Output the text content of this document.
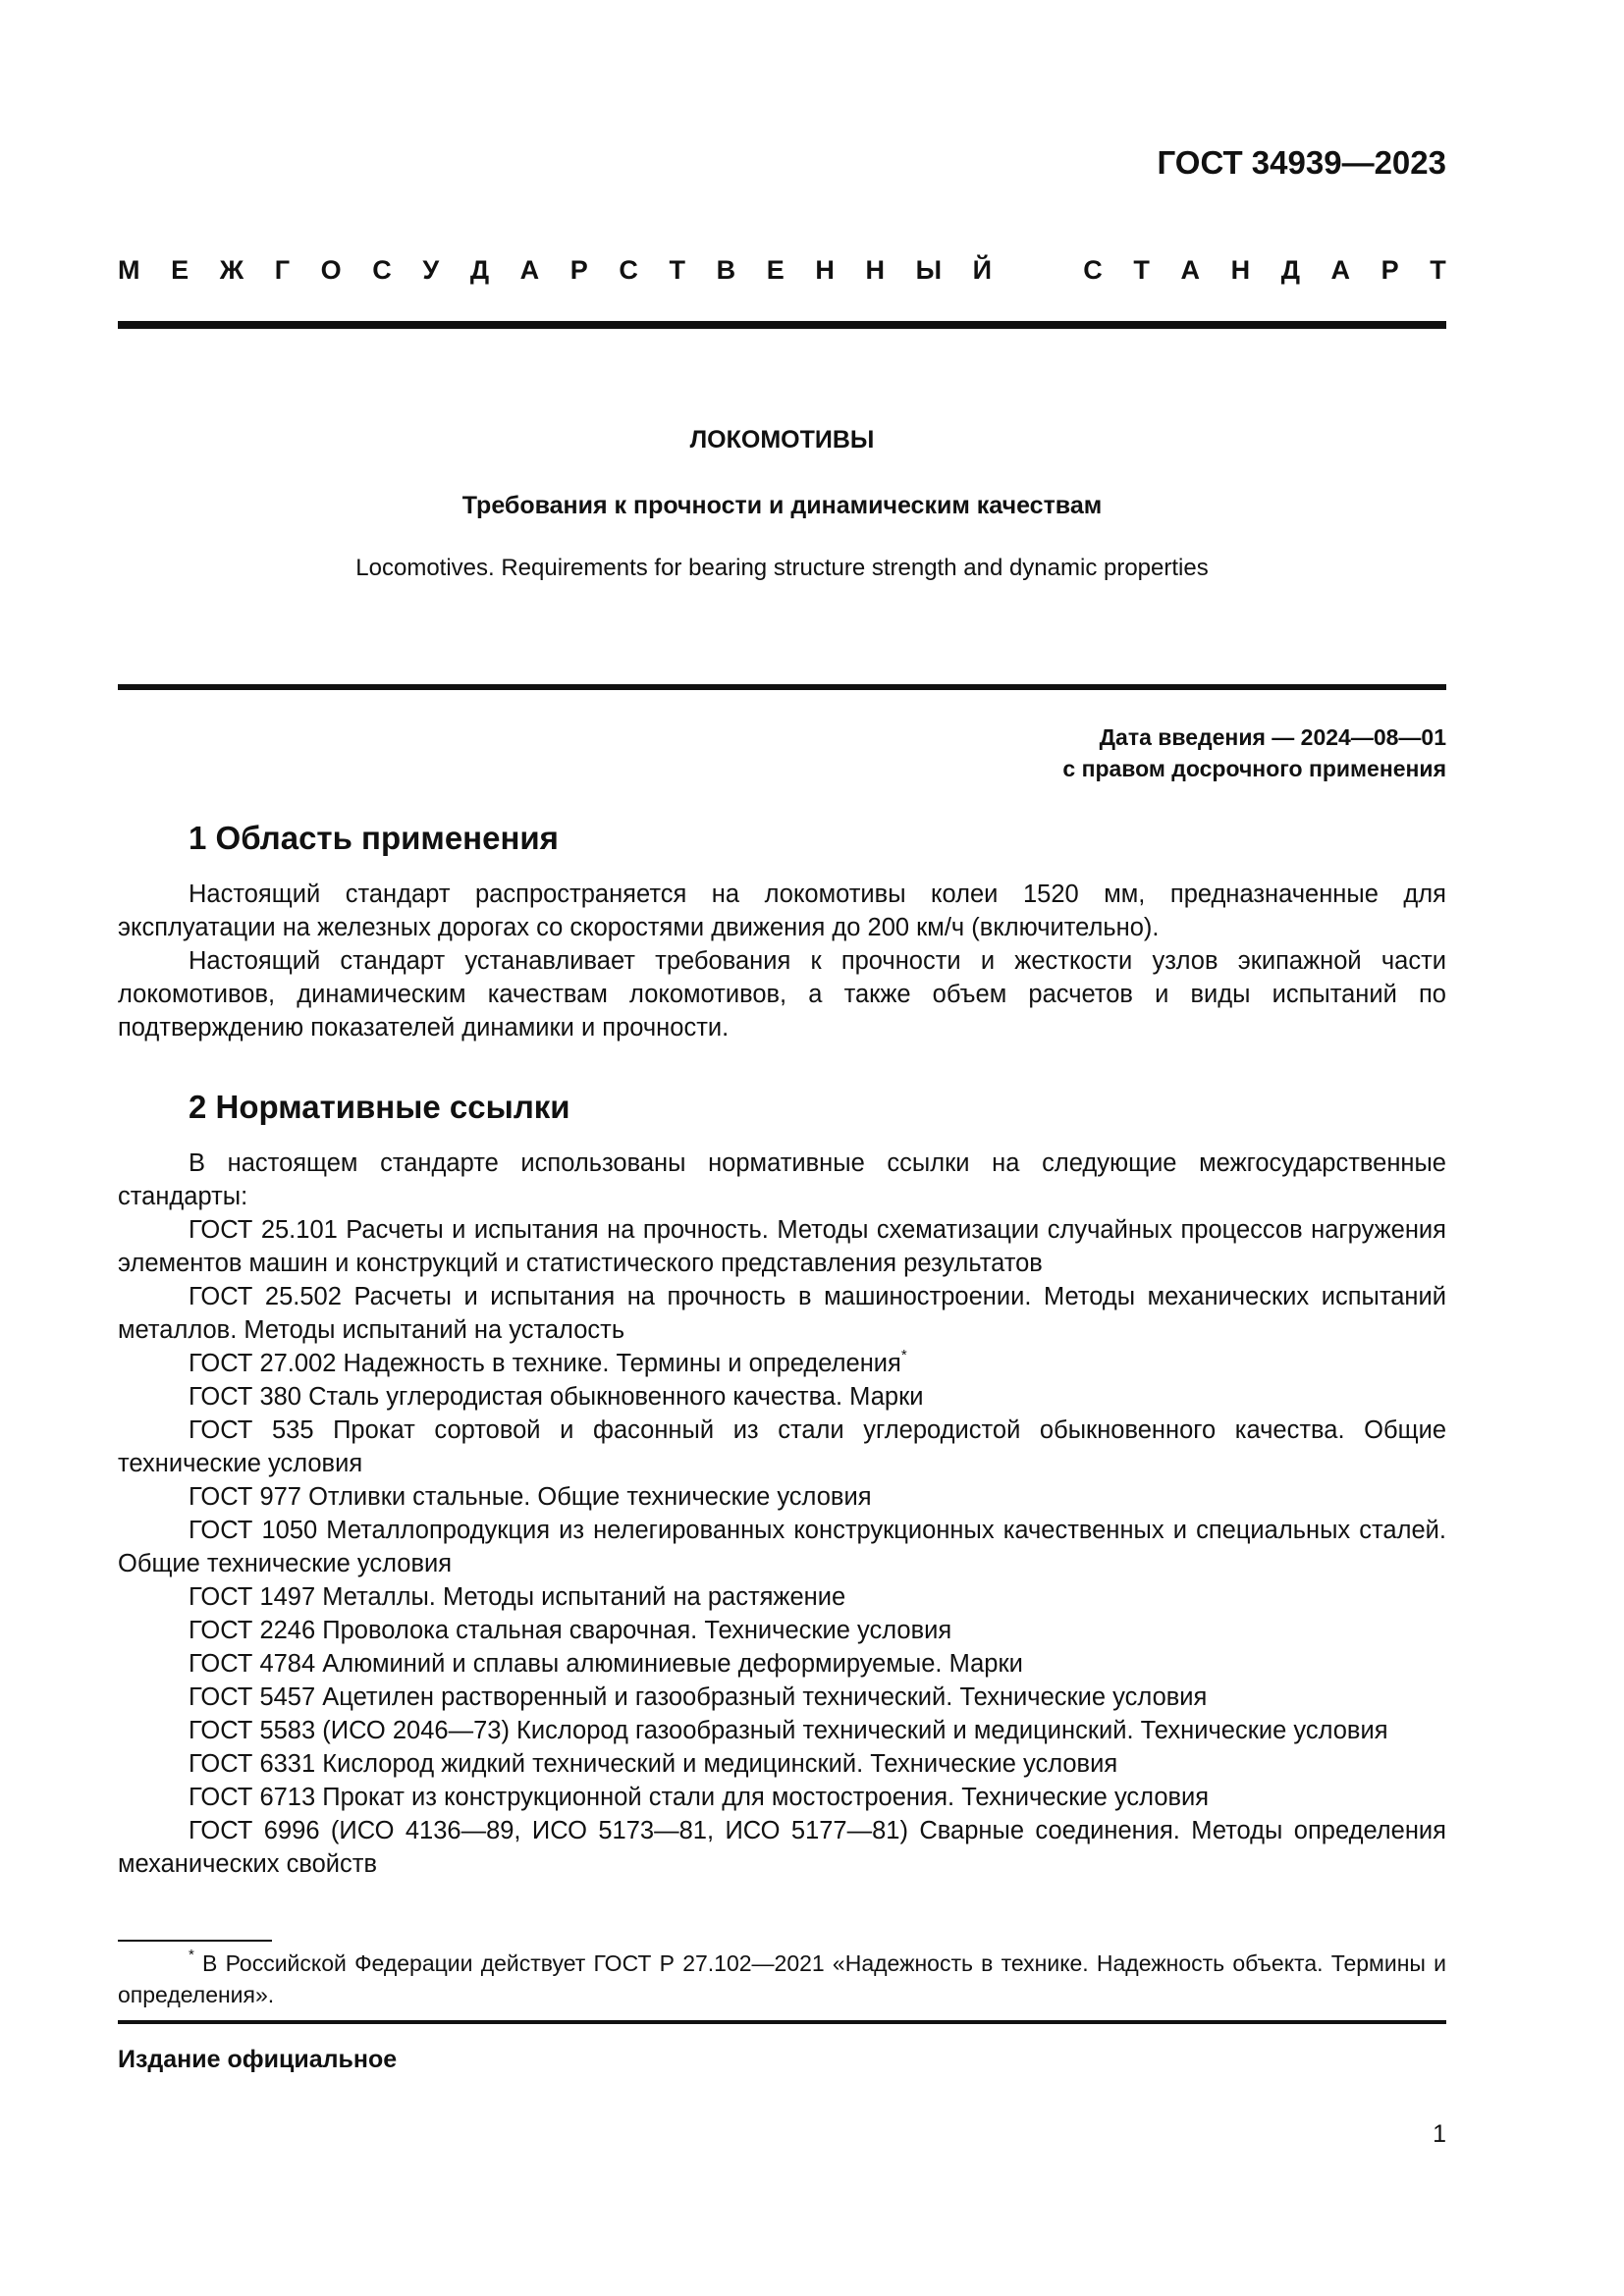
ГОСТ 34939—2023

М Е Ж Г О С У Д А Р С Т В Е Н Н Ы Й	С Т А Н Д А Р Т

ЛОКОМОТИВЫ

Требования к прочности и динамическим качествам

Locomotives. Requirements for bearing structure strength and dynamic properties

Дата введения — 2024—08—01
с правом досрочного применения
1 Область применения

Настоящий стандарт распространяется на локомотивы колеи 1520 мм, предназначенные для эксплуатации на железных дорогах со скоростями движения до 200 км/ч (включительно).

Настоящий стандарт устанавливает требования к прочности и жесткости узлов экипажной части локомотивов, динамическим качествам локомотивов, а также объем расчетов и виды испытаний по подтверждению показателей динамики и прочности.

2 Нормативные ссылки

В настоящем стандарте использованы нормативные ссылки на следующие межгосударственные стандарты:

ГОСТ 25.101 Расчеты и испытания на прочность. Методы схематизации случайных процессов нагружения элементов машин и конструкций и статистического представления результатов

ГОСТ 25.502 Расчеты и испытания на прочность в машиностроении. Методы механических испытаний металлов. Методы испытаний на усталость

ГОСТ 27.002 Надежность в технике. Термины и определения*

ГОСТ 380 Сталь углеродистая обыкновенного качества. Марки

ГОСТ 535 Прокат сортовой и фасонный из стали углеродистой обыкновенного качества. Общие технические условия

ГОСТ 977 Отливки стальные. Общие технические условия

ГОСТ 1050 Металлопродукция из нелегированных конструкционных качественных и специальных сталей. Общие технические условия

ГОСТ 1497 Металлы. Методы испытаний на растяжение

ГОСТ 2246 Проволока стальная сварочная. Технические условия

ГОСТ 4784 Алюминий и сплавы алюминиевые деформируемые. Марки

ГОСТ 5457 Ацетилен растворенный и газообразный технический. Технические условия

ГОСТ 5583 (ИСО 2046—73) Кислород газообразный технический и медицинский. Технические условия

ГОСТ 6331 Кислород жидкий технический и медицинский. Технические условия

ГОСТ 6713 Прокат из конструкционной стали для мостостроения. Технические условия

ГОСТ 6996 (ИСО 4136—89, ИСО 5173—81, ИСО 5177—81) Сварные соединения. Методы определения механических свойств

* В Российской Федерации действует ГОСТ Р 27.102—2021 «Надежность в технике. Надежность объекта. Термины и определения».

Издание официальное

1
